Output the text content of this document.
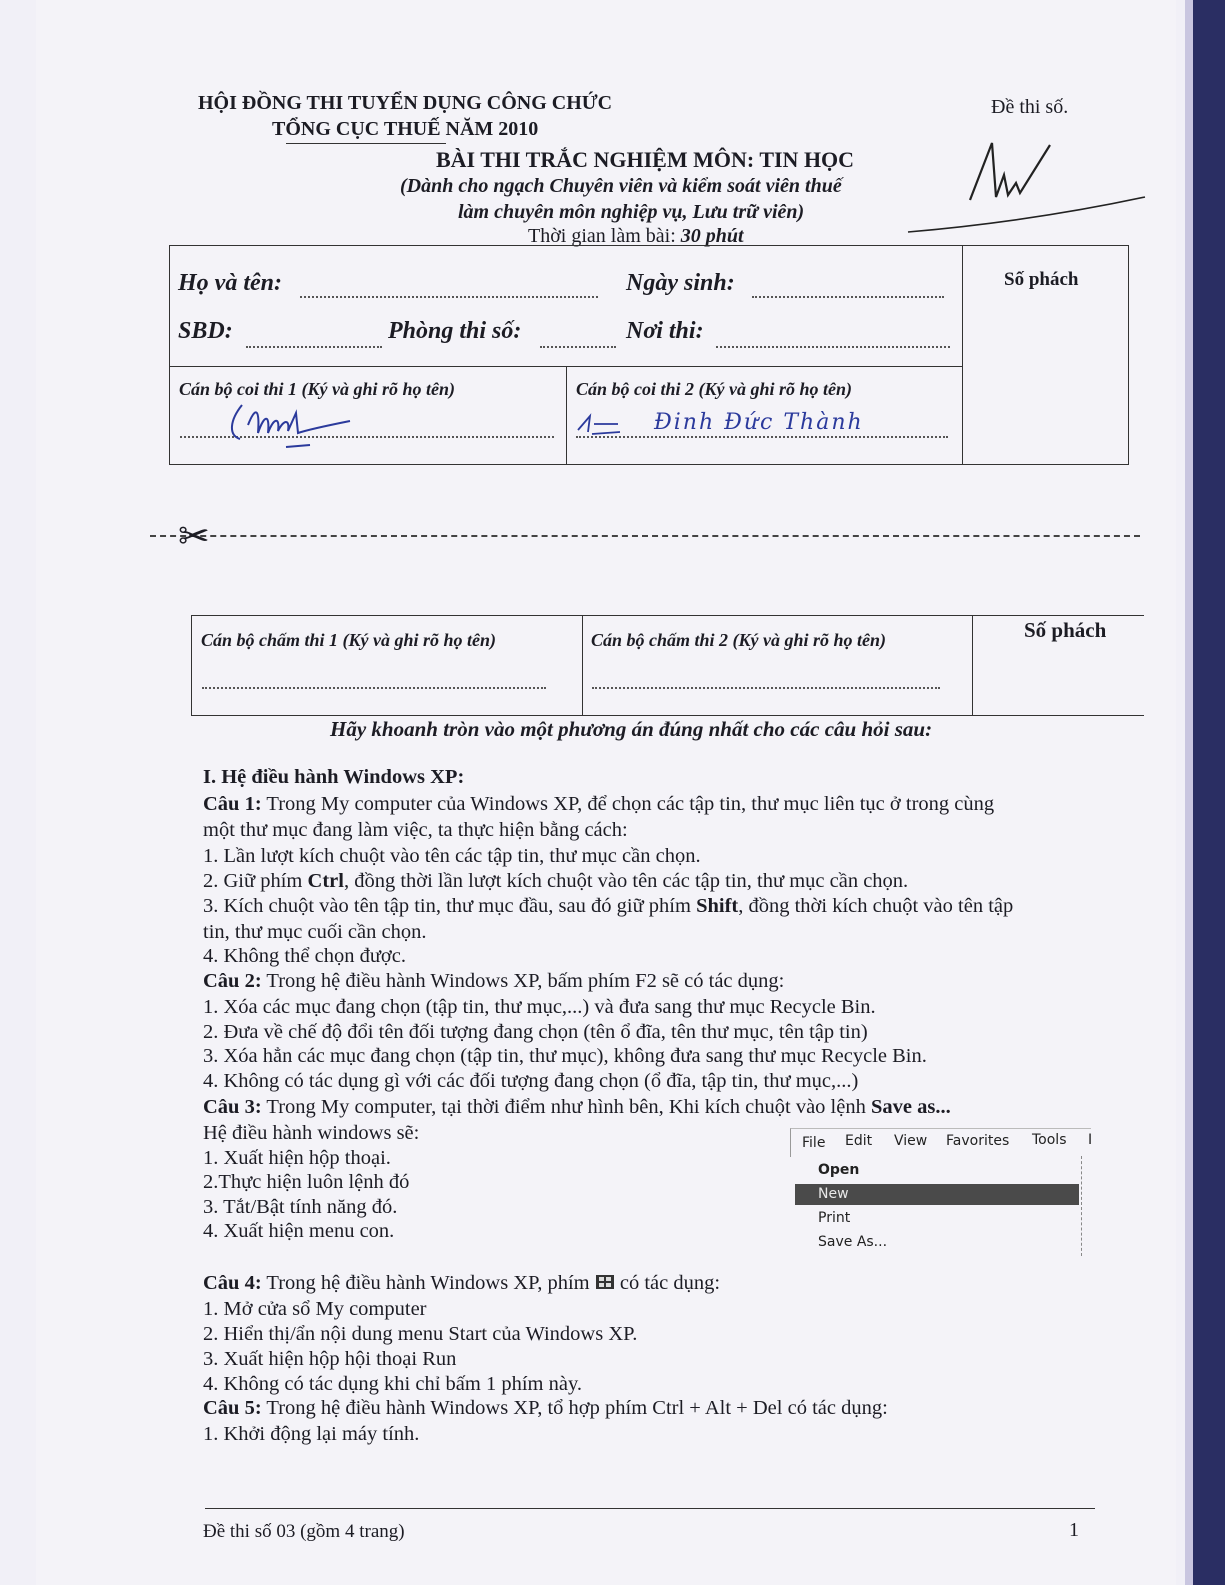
HỘI ĐỒNG THI TUYỂN DỤNG CÔNG CHỨC
TỔNG CỤC THUẾ NĂM 2010
Đề thi số.
BÀI THI TRẮC NGHIỆM MÔN: TIN HỌC
(Dành cho ngạch Chuyên viên và kiểm soát viên thuế
làm chuyên môn nghiệp vụ, Lưu trữ viên)
Thời gian làm bài: 30 phút
Họ và tên:	Ngày sinh:
SBD:	Phòng thi số:	Nơi thi:
Số phách
Cán bộ coi thi 1 (Ký và ghi rõ họ tên)	Cán bộ coi thi 2 (Ký và ghi rõ họ tên)
Đinh Đức Thành
✂
Cán bộ chấm thi 1 (Ký và ghi rõ họ tên)	Cán bộ chấm thi 2 (Ký và ghi rõ họ tên)	Số phách
Hãy khoanh tròn vào một phương án đúng nhất cho các câu hỏi sau:
I. Hệ điều hành Windows XP:
Câu 1: Trong My computer của Windows XP, để chọn các tập tin, thư mục liên tục ở trong cùng
một thư mục đang làm việc, ta thực hiện bằng cách:
1. Lần lượt kích chuột vào tên các tập tin, thư mục cần chọn.
2. Giữ phím Ctrl, đồng thời lần lượt kích chuột vào tên các tập tin, thư mục cần chọn.
3. Kích chuột vào tên tập tin, thư mục đầu, sau đó giữ phím Shift, đồng thời kích chuột vào tên tập
tin, thư mục cuối cần chọn.
4. Không thể chọn được.
Câu 2: Trong hệ điều hành Windows XP, bấm phím F2 sẽ có tác dụng:
1. Xóa các mục đang chọn (tập tin, thư mục,...) và đưa sang thư mục Recycle Bin.
2. Đưa về chế độ đổi tên đối tượng đang chọn (tên ổ đĩa, tên thư mục, tên tập tin)
3. Xóa hẳn các mục đang chọn (tập tin, thư mục), không đưa sang thư mục Recycle Bin.
4. Không có tác dụng gì với các đối tượng đang chọn (ổ đĩa, tập tin, thư mục,...)
Câu 3: Trong My computer, tại thời điểm như hình bên, Khi kích chuột vào lệnh Save as...
Hệ điều hành windows sẽ:
1. Xuất hiện hộp thoại.
2.Thực hiện luôn lệnh đó
3. Tắt/Bật tính năng đó.
4. Xuất hiện menu con.
File Edit View Favorites Tools I
Open
New
Print
Save As...
Câu 4: Trong hệ điều hành Windows XP, phím  có tác dụng:
1. Mở cửa sổ My computer
2. Hiển thị/ẩn nội dung menu Start của Windows XP.
3. Xuất hiện hộp hội thoại Run
4. Không có tác dụng khi chỉ bấm 1 phím này.
Câu 5: Trong hệ điều hành Windows XP, tổ hợp phím Ctrl + Alt + Del có tác dụng:
1. Khởi động lại máy tính.
Đề thi số 03 (gồm 4 trang)	1
